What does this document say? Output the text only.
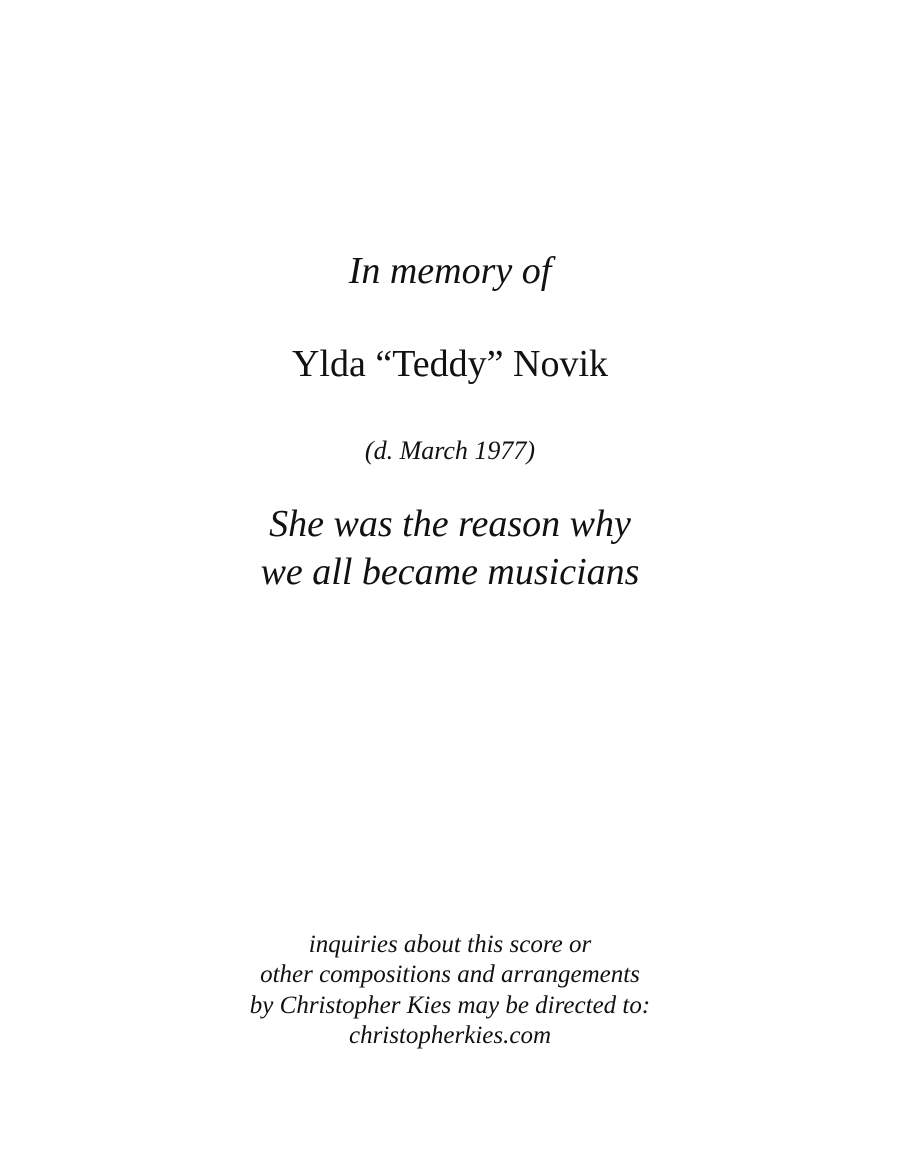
In memory of
Ylda “Teddy” Novik
(d. March 1977)
She was the reason why
we all became musicians
inquiries about this score or
other compositions and arrangements
by Christopher Kies may be directed to:
christopherkies.com
